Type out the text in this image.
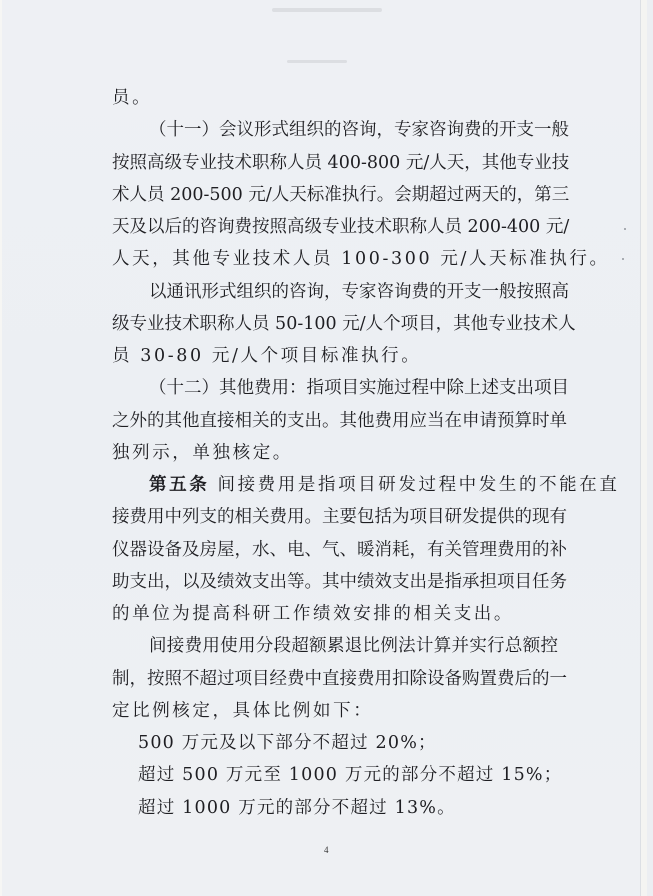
员。
（十一）会议形式组织的咨询，专家咨询费的开支一般
按照高级专业技术职称人员 400-800 元/人天，其他专业技
术人员 200-500 元/人天标准执行。会期超过两天的，第三
天及以后的咨询费按照高级专业技术职称人员 200-400 元/
人天，其他专业技术人员 100-300 元/人天标准执行。
以通讯形式组织的咨询，专家咨询费的开支一般按照高
级专业技术职称人员 50-100 元/人个项目，其他专业技术人
员 30-80 元/人个项目标准执行。
（十二）其他费用：指项目实施过程中除上述支出项目
之外的其他直接相关的支出。其他费用应当在申请预算时单
独列示，单独核定。
第五条 间接费用是指项目研发过程中发生的不能在直
接费用中列支的相关费用。主要包括为项目研发提供的现有
仪器设备及房屋，水、电、气、暖消耗，有关管理费用的补
助支出，以及绩效支出等。其中绩效支出是指承担项目任务
的单位为提高科研工作绩效安排的相关支出。
间接费用使用分段超额累退比例法计算并实行总额控
制，按照不超过项目经费中直接费用扣除设备购置费后的一
定比例核定，具体比例如下：
500 万元及以下部分不超过 20%；
超过 500 万元至 1000 万元的部分不超过 15%；
超过 1000 万元的部分不超过 13%。
4
